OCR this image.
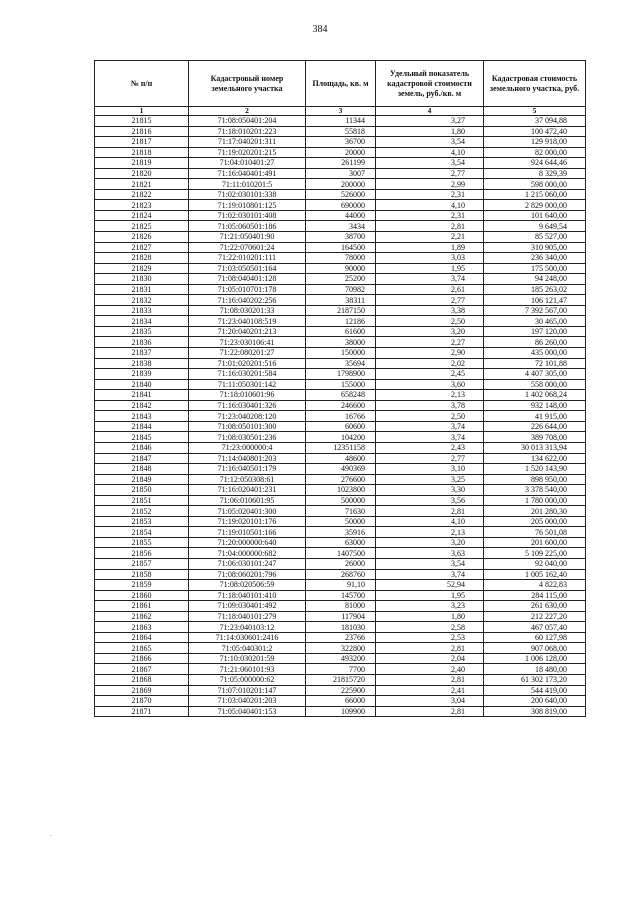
384
№ п/п	Кадастровый номер земельного участка	Площадь, кв. м	Удельный показатель кадастровой стоимости земель, руб./кв. м	Кадастровая стоимость земельного участка, руб.
1	2	3	4	5
21815	71:08:050401:204	11344	3,27	37 094,88
21816	71:18:010201:223	55818	1,80	100 472,40
21817	71:17:040201:311	36700	3,54	129 918,00
21818	71:19:020201:215	20000	4,10	82 000,00
21819	71:04:010401:27	261199	3,54	924 644,46
21820	71:16:040401:491	3007	2,77	8 329,39
21821	71:11:010201:5	200000	2,99	598 000,00
21822	71:02:030101:338	526000	2,31	1 215 060,00
21823	71:19:010801:125	690000	4,10	2 829 000,00
21824	71:02:030101:408	44000	2,31	101 640,00
21825	71:05:060501:186	3434	2,81	9 649,54
21826	71:21:050401:90	38700	2,21	85 527,00
21827	71:22:070601:24	164500	1,89	310 905,00
21828	71:22:010201:111	78000	3,03	236 340,00
21829	71:03:050501:164	90000	1,95	175 500,00
21830	71:08:040401:128	25200	3,74	94 248,00
21831	71:05:010701:178	70982	2,61	185 263,02
21832	71:16:040202:256	38311	2,77	106 121,47
21833	71:08:030201:33	2187150	3,38	7 392 567,00
21834	71:23:040108:519	12186	2,50	30 465,00
21835	71:20:040201:213	61600	3,20	197 120,00
21836	71:23:030106:41	38000	2,27	86 260,00
21837	71:22:080201:27	150000	2,90	435 000,00
21838	71:01:020201:516	35694	2,02	72 101,88
21839	71:16:030201:584	1798900	2,45	4 407 305,00
21840	71:11:050301:142	155000	3,60	558 000,00
21841	71:18:010601:96	658248	2,13	1 402 068,24
21842	71:16:030401:326	246600	3,78	932 148,00
21843	71:23:040208:120	16766	2,50	41 915,00
21844	71:08:050101:300	60600	3,74	226 644,00
21845	71:08:030501:236	104200	3,74	389 708,00
21846	71:23:000000:4	12351158	2,43	30 013 313,94
21847	71:14:040801:203	48600	2,77	134 622,00
21848	71:16:040501:179	490369	3,10	1 520 143,90
21849	71:12:050308:61	276600	3,25	898 950,00
21850	71:16:020401:231	1023800	3,30	3 378 540,00
21851	71:06:010601:95	500000	3,56	1 780 000,00
21852	71:05:020401:300	71630	2,81	201 280,30
21853	71:19:020101:176	50000	4,10	205 000,00
21854	71:19:010501:166	35916	2,13	76 501,08
21855	71:20:000000:640	63000	3,20	201 600,00
21856	71:04:000000:682	1407500	3,63	5 109 225,00
21857	71:06:030101:247	26000	3,54	92 040,00
21858	71:08:060201:796	268760	3,74	1 005 162,40
21859	71:08:020506:59	91,10	52,94	4 822,83
21860	71:18:040101:410	145700	1,95	284 115,00
21861	71:09:030401:492	81000	3,23	261 630,00
21862	71:18:040101:279	117904	1,80	212 227,20
21863	71:23:040103:12	181030	2,58	467 057,40
21864	71:14:030601:2416	23766	2,53	60 127,98
21865	71:05:040301:2	322800	2,81	907 068,00
21866	71:10:030201:59	493200	2,04	1 006 128,00
21867	71:21:060101:93	7700	2,40	18 480,00
21868	71:05:000000:62	21815720	2,81	61 302 173,20
21869	71:07:010201:147	225900	2,41	544 419,00
21870	71:03:040201:203	66000	3,04	200 640,00
21871	71:05:040401:153	109900	2,81	308 819,00
.
